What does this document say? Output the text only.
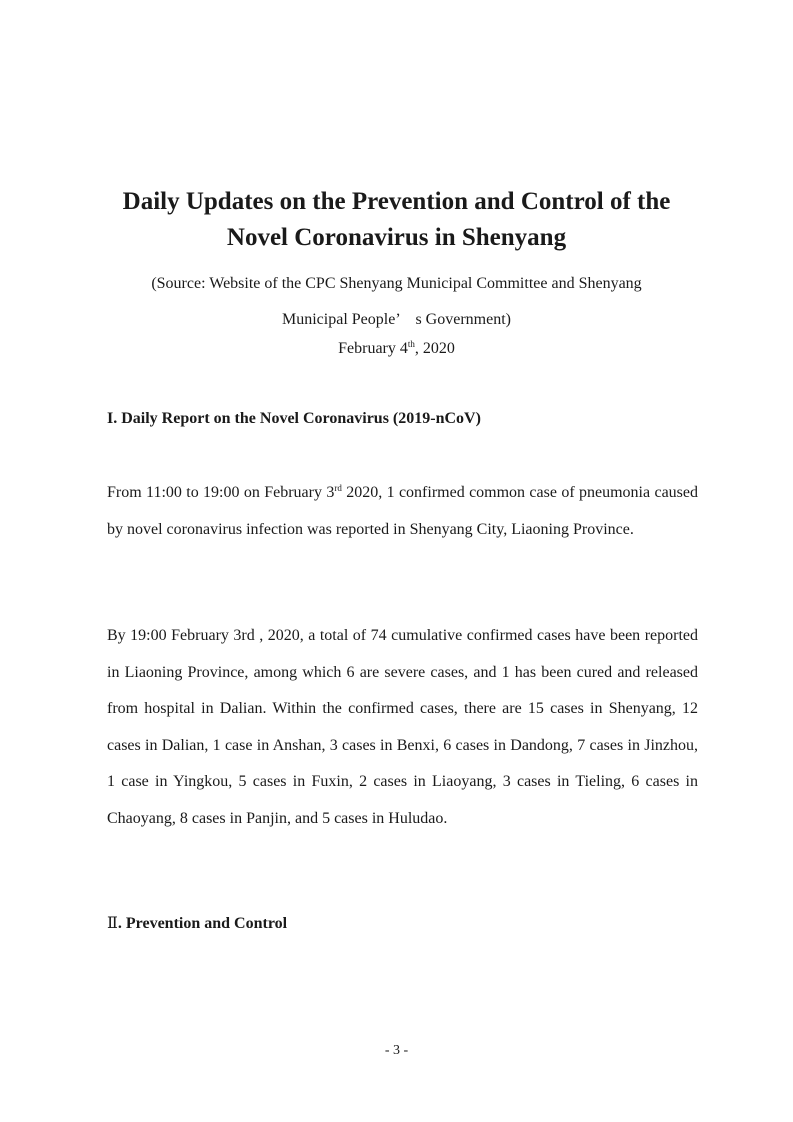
Daily Updates on the Prevention and Control of the
Novel Coronavirus in Shenyang
(Source: Website of the CPC Shenyang Municipal Committee and Shenyang
Municipal People’　s Government)
February 4th, 2020
I. Daily Report on the Novel Coronavirus (2019-nCoV)
From 11:00 to 19:00 on February 3rd 2020, 1 confirmed common case of pneumonia caused by novel coronavirus infection was reported in Shenyang City, Liaoning Province.
By 19:00 February 3rd , 2020, a total of 74 cumulative confirmed cases have been reported in Liaoning Province, among which 6 are severe cases, and 1 has been cured and released from hospital in Dalian. Within the confirmed cases, there are 15 cases in Shenyang, 12 cases in Dalian, 1 case in Anshan, 3 cases in Benxi, 6 cases in Dandong, 7 cases in Jinzhou, 1 case in Yingkou, 5 cases in Fuxin, 2 cases in Liaoyang, 3 cases in Tieling, 6 cases in Chaoyang, 8 cases in Panjin, and 5 cases in Huludao.
Ⅱ. Prevention and Control
- 3 -
